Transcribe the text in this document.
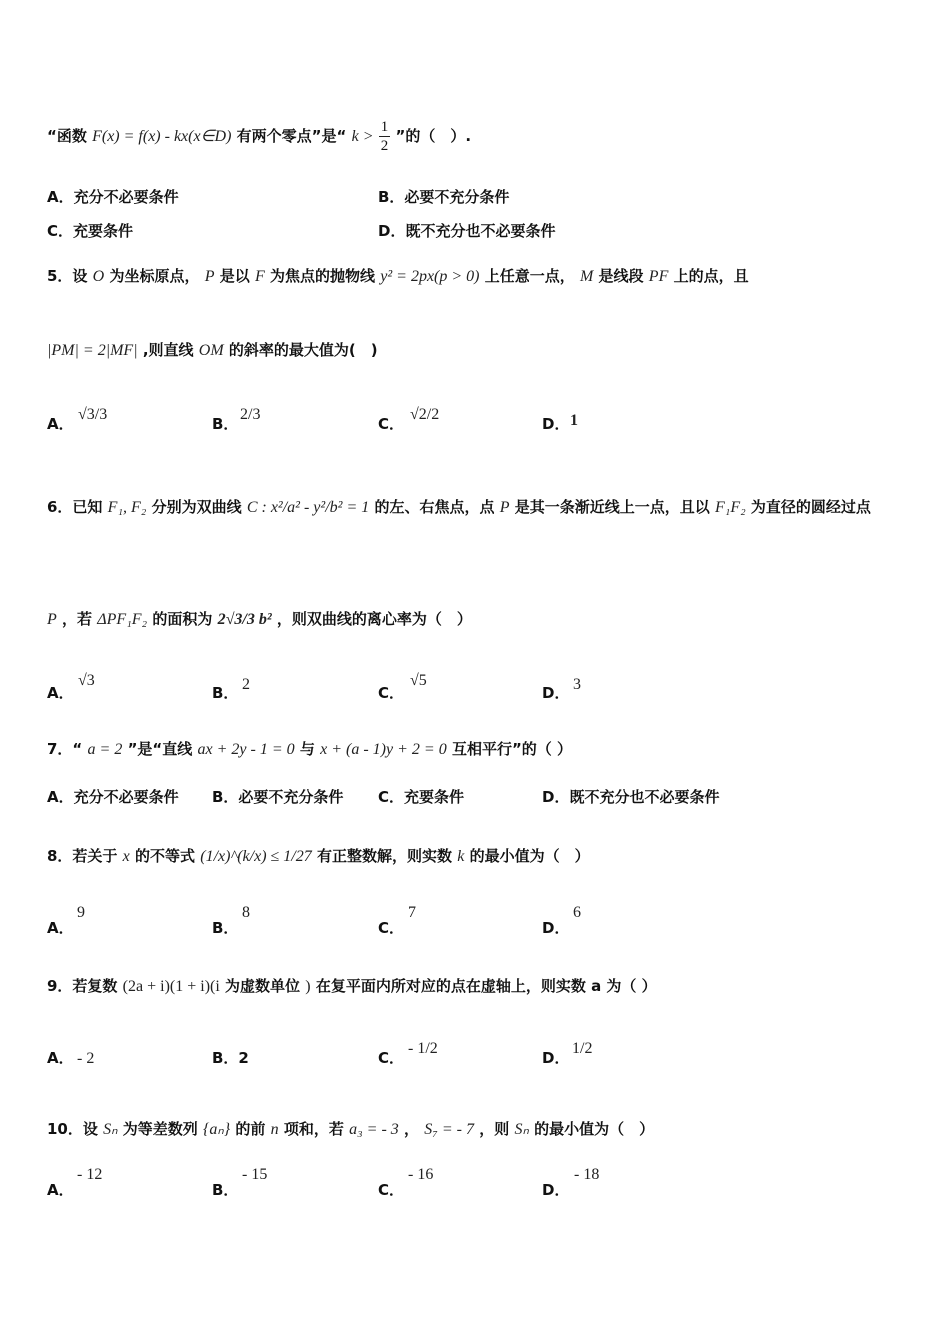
“函数 F(x) = f(x) - kx(x∈D) 有两个零点”是“ $k > \frac{1}{2}$ ”的（　）.
A．充分不必要条件	B．必要不充分条件
C．充要条件	D．既不充分也不必要条件
5．设 O 为坐标原点， P 是以 F 为焦点的抛物线 y² = 2px(p > 0) 上任意一点， M 是线段 PF 上的点，且
|PM| = 2|MF| ,则直线 OM 的斜率的最大值为(　)
A．
√3/3
B．
2/3
C．
√2/2
D． 1
6．已知 F₁, F₂ 分别为双曲线 C : x²/a² - y²/b² = 1 的左、右焦点，点 P 是其一条渐近线上一点，且以 F₁F₂ 为直径的圆经过点
P ，若 ΔPF₁F₂ 的面积为 2√3/3 b² ，则双曲线的离心率为（　）
A．
√3
B． 2	C．
√5
D． 3
7．“ a = 2 ”是“直线 ax + 2y - 1 = 0 与 x + (a - 1)y + 2 = 0 互相平行”的（ ）
A．充分不必要条件 B．必要不充分条件 C．充要条件	D．既不充分也不必要条件
8．若关于 x 的不等式 (1/x)^(k/x) ≤ 1/27 有正整数解，则实数 k 的最小值为（　）
A．
9
B．
8
C．
7
D．
6
9．若复数 (2a + i)(1 + i)(i 为虚数单位 ) 在复平面内所对应的点在虚轴上，则实数 a 为（ ）
A． - 2	B．2	C．
- 1/2
D．
1/2
10．设 Sₙ 为等差数列 {aₙ} 的前 n 项和，若 a₃ = - 3 ， S₇ = - 7 ，则 Sₙ 的最小值为（　）
A．
- 12
B．
- 15
C．
- 16
D．
- 18
